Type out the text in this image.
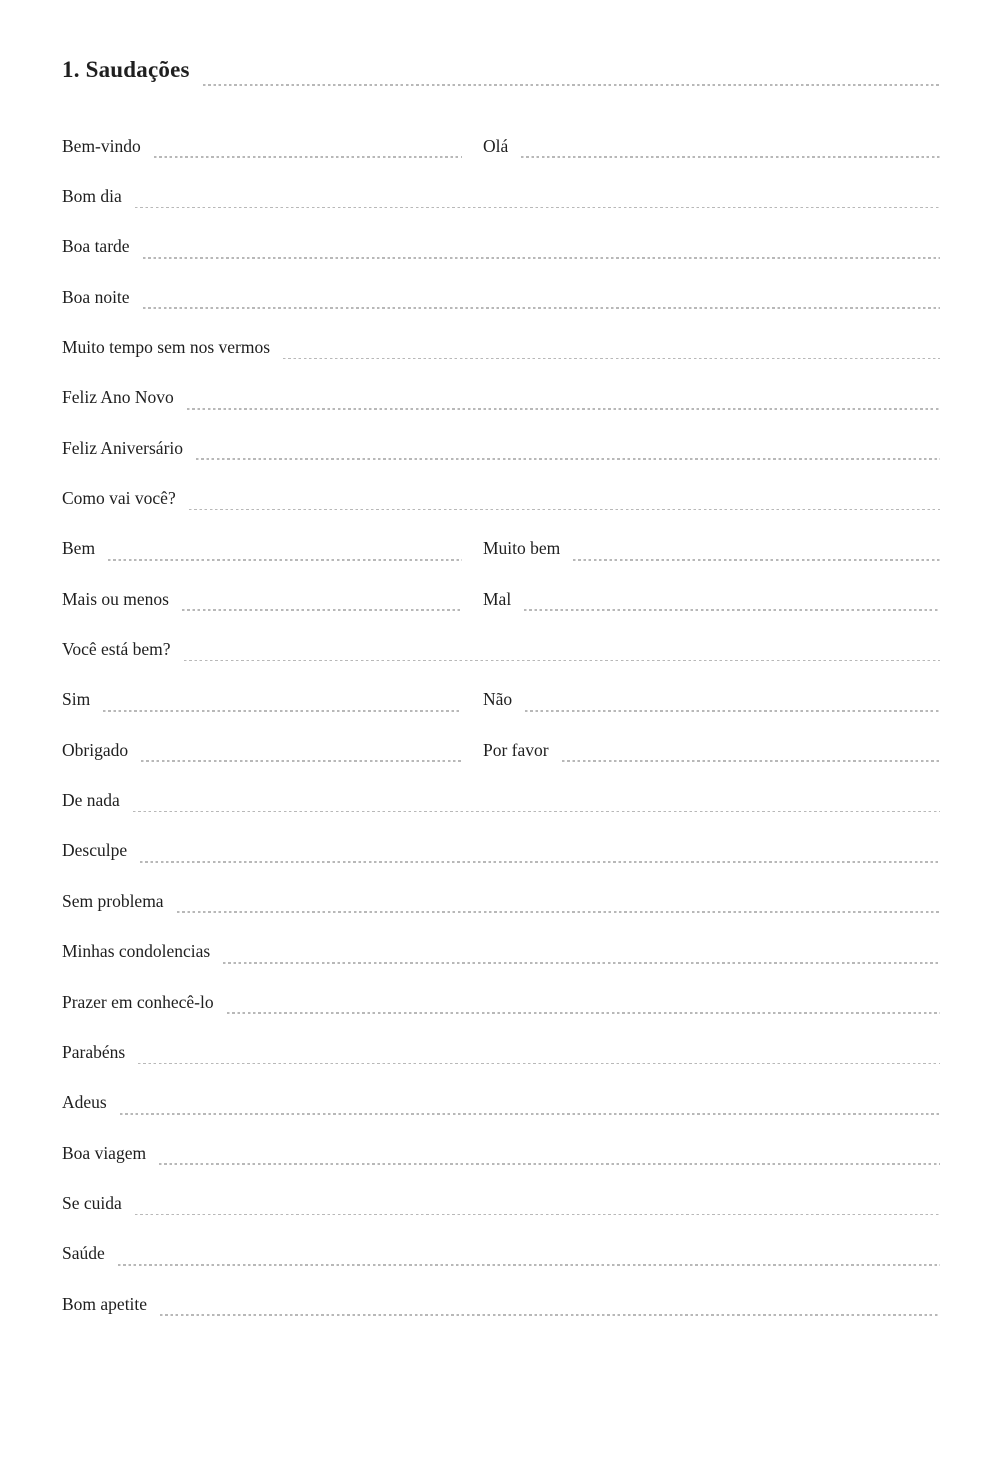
1. Saudações
Bem-vindo	Olá
Bom dia
Boa tarde
Boa noite
Muito tempo sem nos vermos
Feliz Ano Novo
Feliz Aniversário
Como vai você?
Bem	Muito bem
Mais ou menos	Mal
Você está bem?
Sim	Não
Obrigado	Por favor
De nada
Desculpe
Sem problema
Minhas condolencias
Prazer em conhecê-lo
Parabéns
Adeus
Boa viagem
Se cuida
Saúde
Bom apetite
